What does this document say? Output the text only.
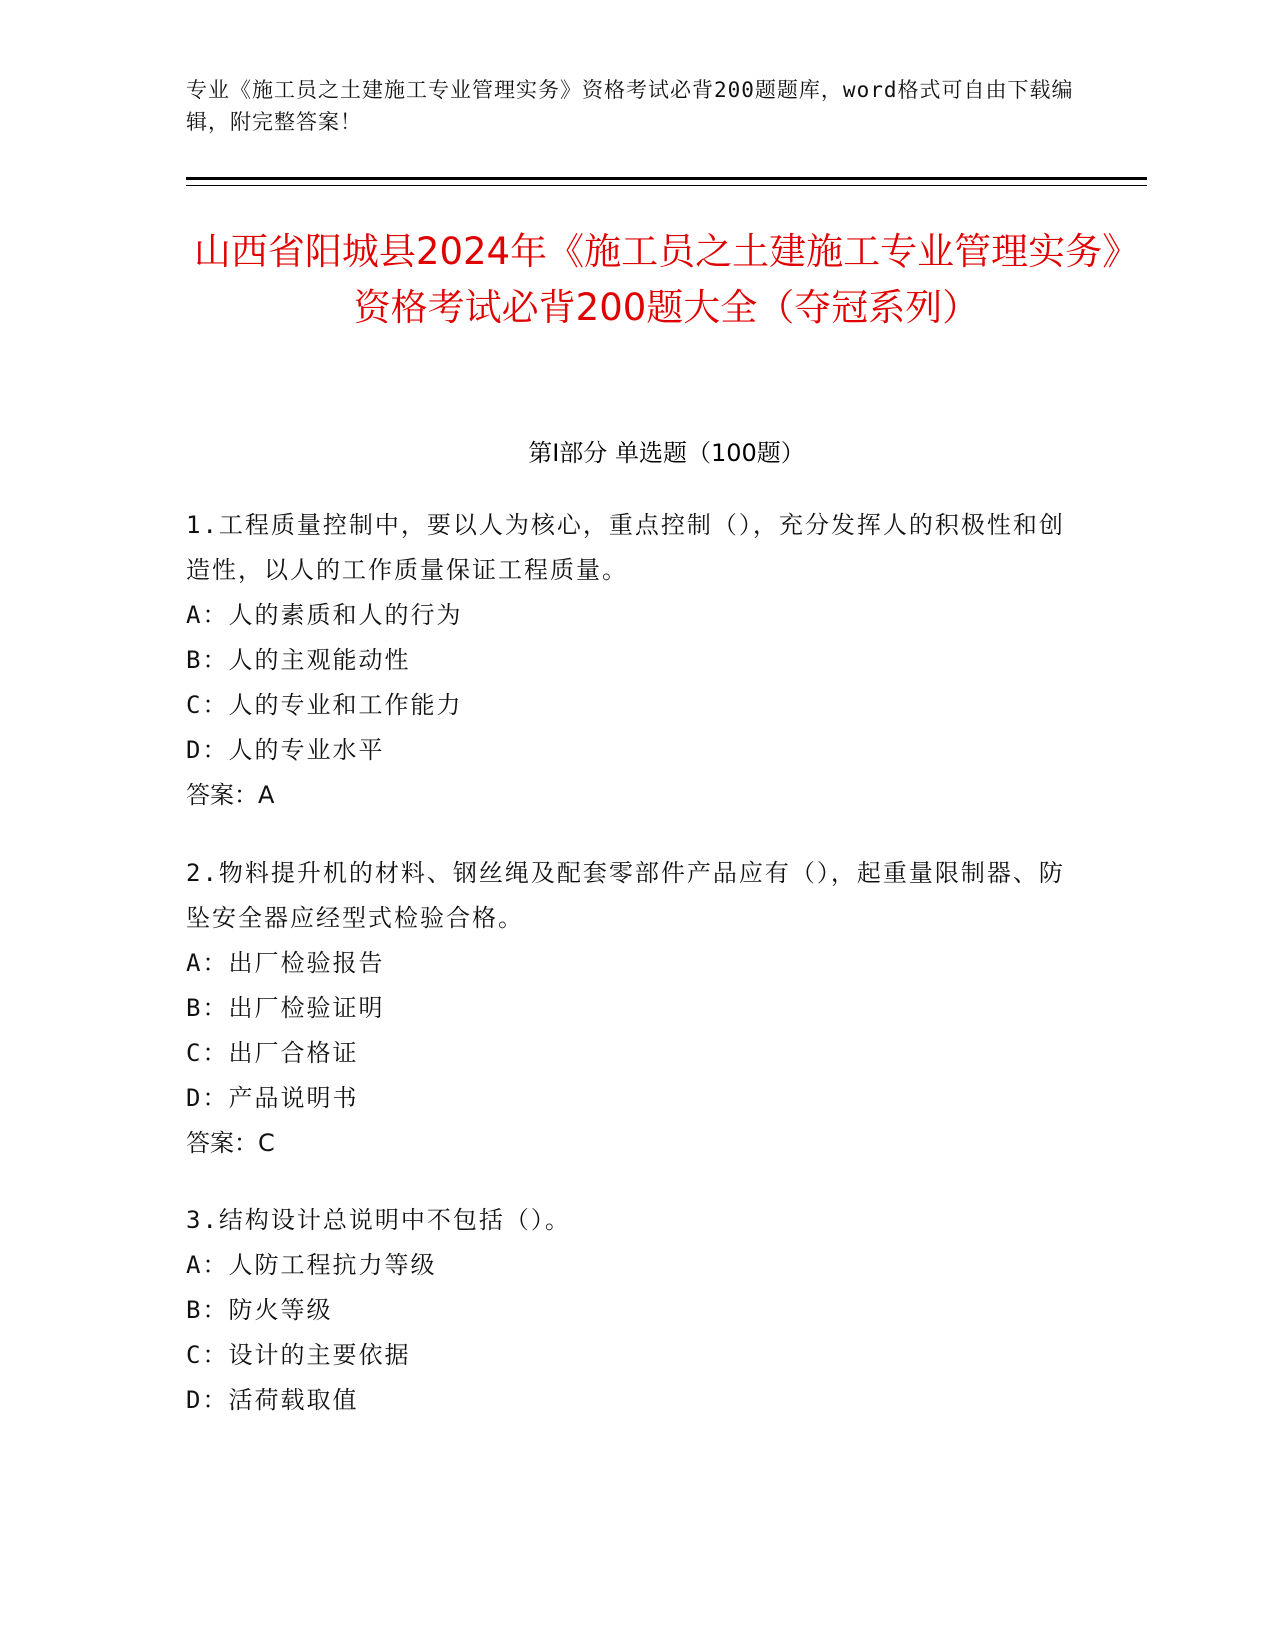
专业《施工员之土建施工专业管理实务》资格考试必背200题题库，word格式可自由下载编辑，附完整答案！
山西省阳城县2024年《施工员之土建施工专业管理实务》资格考试必背200题大全（夺冠系列）
第Ⅰ部分 单选题（100题）
1.工程质量控制中，要以人为核心，重点控制（），充分发挥人的积极性和创造性，以人的工作质量保证工程质量。
A：人的素质和人的行为
B：人的主观能动性
C：人的专业和工作能力
D：人的专业水平
答案：A
2.物料提升机的材料、钢丝绳及配套零部件产品应有（），起重量限制器、防坠安全器应经型式检验合格。
A：出厂检验报告
B：出厂检验证明
C：出厂合格证
D：产品说明书
答案：C
3.结构设计总说明中不包括（）。
A：人防工程抗力等级
B：防火等级
C：设计的主要依据
D：活荷载取值
